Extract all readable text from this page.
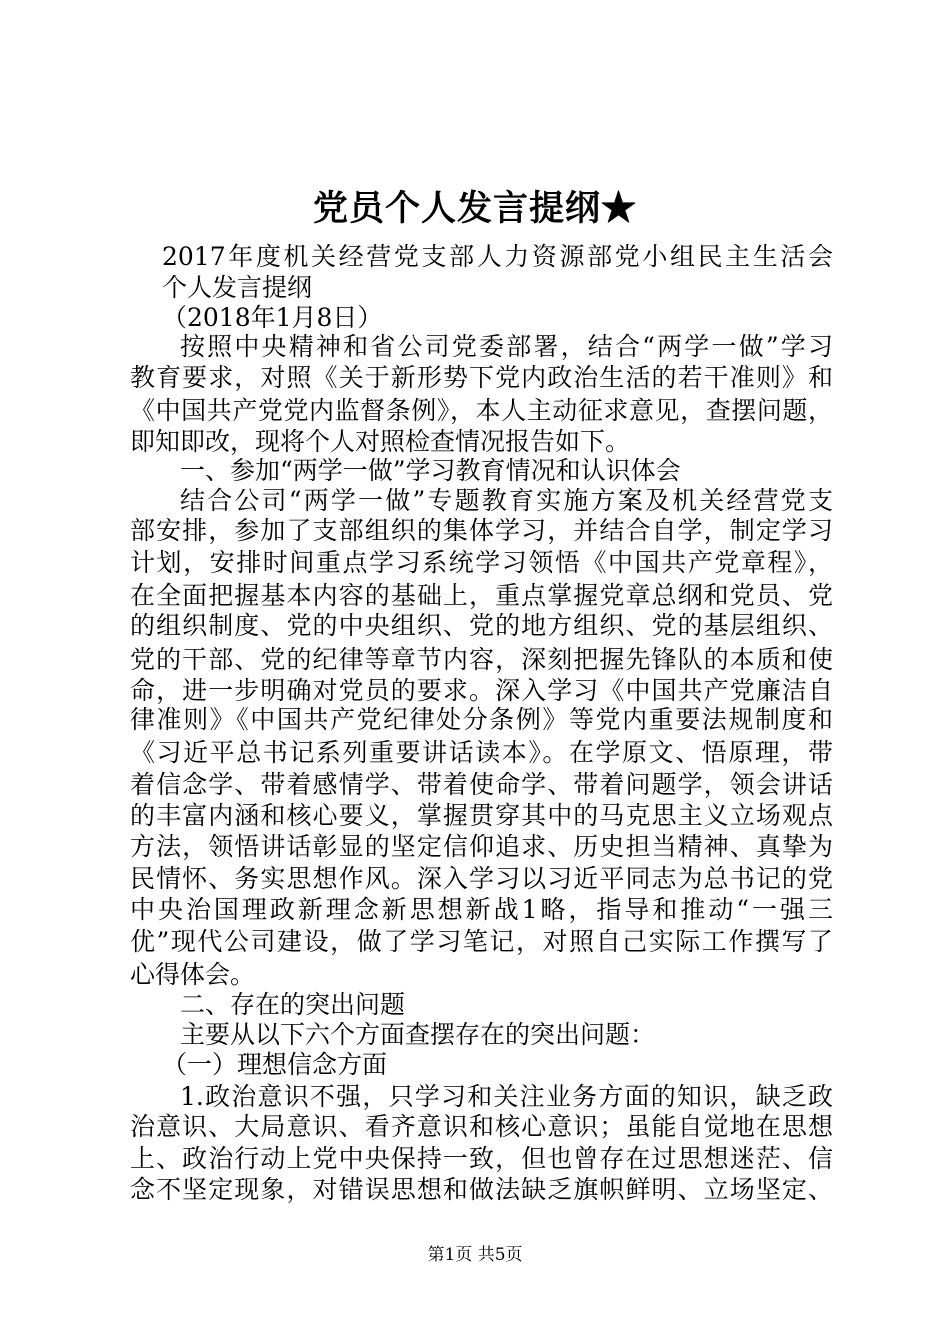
党员个人发言提纲★
2017年度机关经营党支部人力资源部党小组民主生活会
个人发言提纲
（2018年1月8日）
按照中央精神和省公司党委部署，结合“两学一做”学习
教育要求，对照《关于新形势下党内政治生活的若干准则》和
《中国共产党党内监督条例》，本人主动征求意见，查摆问题，
即知即改，现将个人对照检查情况报告如下。
一、参加“两学一做”学习教育情况和认识体会
结合公司“两学一做”专题教育实施方案及机关经营党支
部安排，参加了支部组织的集体学习，并结合自学，制定学习
计划，安排时间重点学习系统学习领悟《中国共产党章程》，
在全面把握基本内容的基础上，重点掌握党章总纲和党员、党
的组织制度、党的中央组织、党的地方组织、党的基层组织、
党的干部、党的纪律等章节内容，深刻把握先锋队的本质和使
命，进一步明确对党员的要求。深入学习《中国共产党廉洁自
律准则》《中国共产党纪律处分条例》等党内重要法规制度和
《习近平总书记系列重要讲话读本》。在学原文、悟原理，带
着信念学、带着感情学、带着使命学、带着问题学，领会讲话
的丰富内涵和核心要义，掌握贯穿其中的马克思主义立场观点
方法，领悟讲话彰显的坚定信仰追求、历史担当精神、真挚为
民情怀、务实思想作风。深入学习以习近平同志为总书记的党
中央治国理政新理念新思想新战1略，指导和推动“一强三
优”现代公司建设，做了学习笔记，对照自己实际工作撰写了
心得体会。
二、存在的突出问题
主要从以下六个方面查摆存在的突出问题：
（一）理想信念方面
1.政治意识不强，只学习和关注业务方面的知识，缺乏政
治意识、大局意识、看齐意识和核心意识；虽能自觉地在思想
上、政治行动上党中央保持一致，但也曾存在过思想迷茫、信
念不坚定现象，对错误思想和做法缺乏旗帜鲜明、立场坚定、
第1页 共5页
